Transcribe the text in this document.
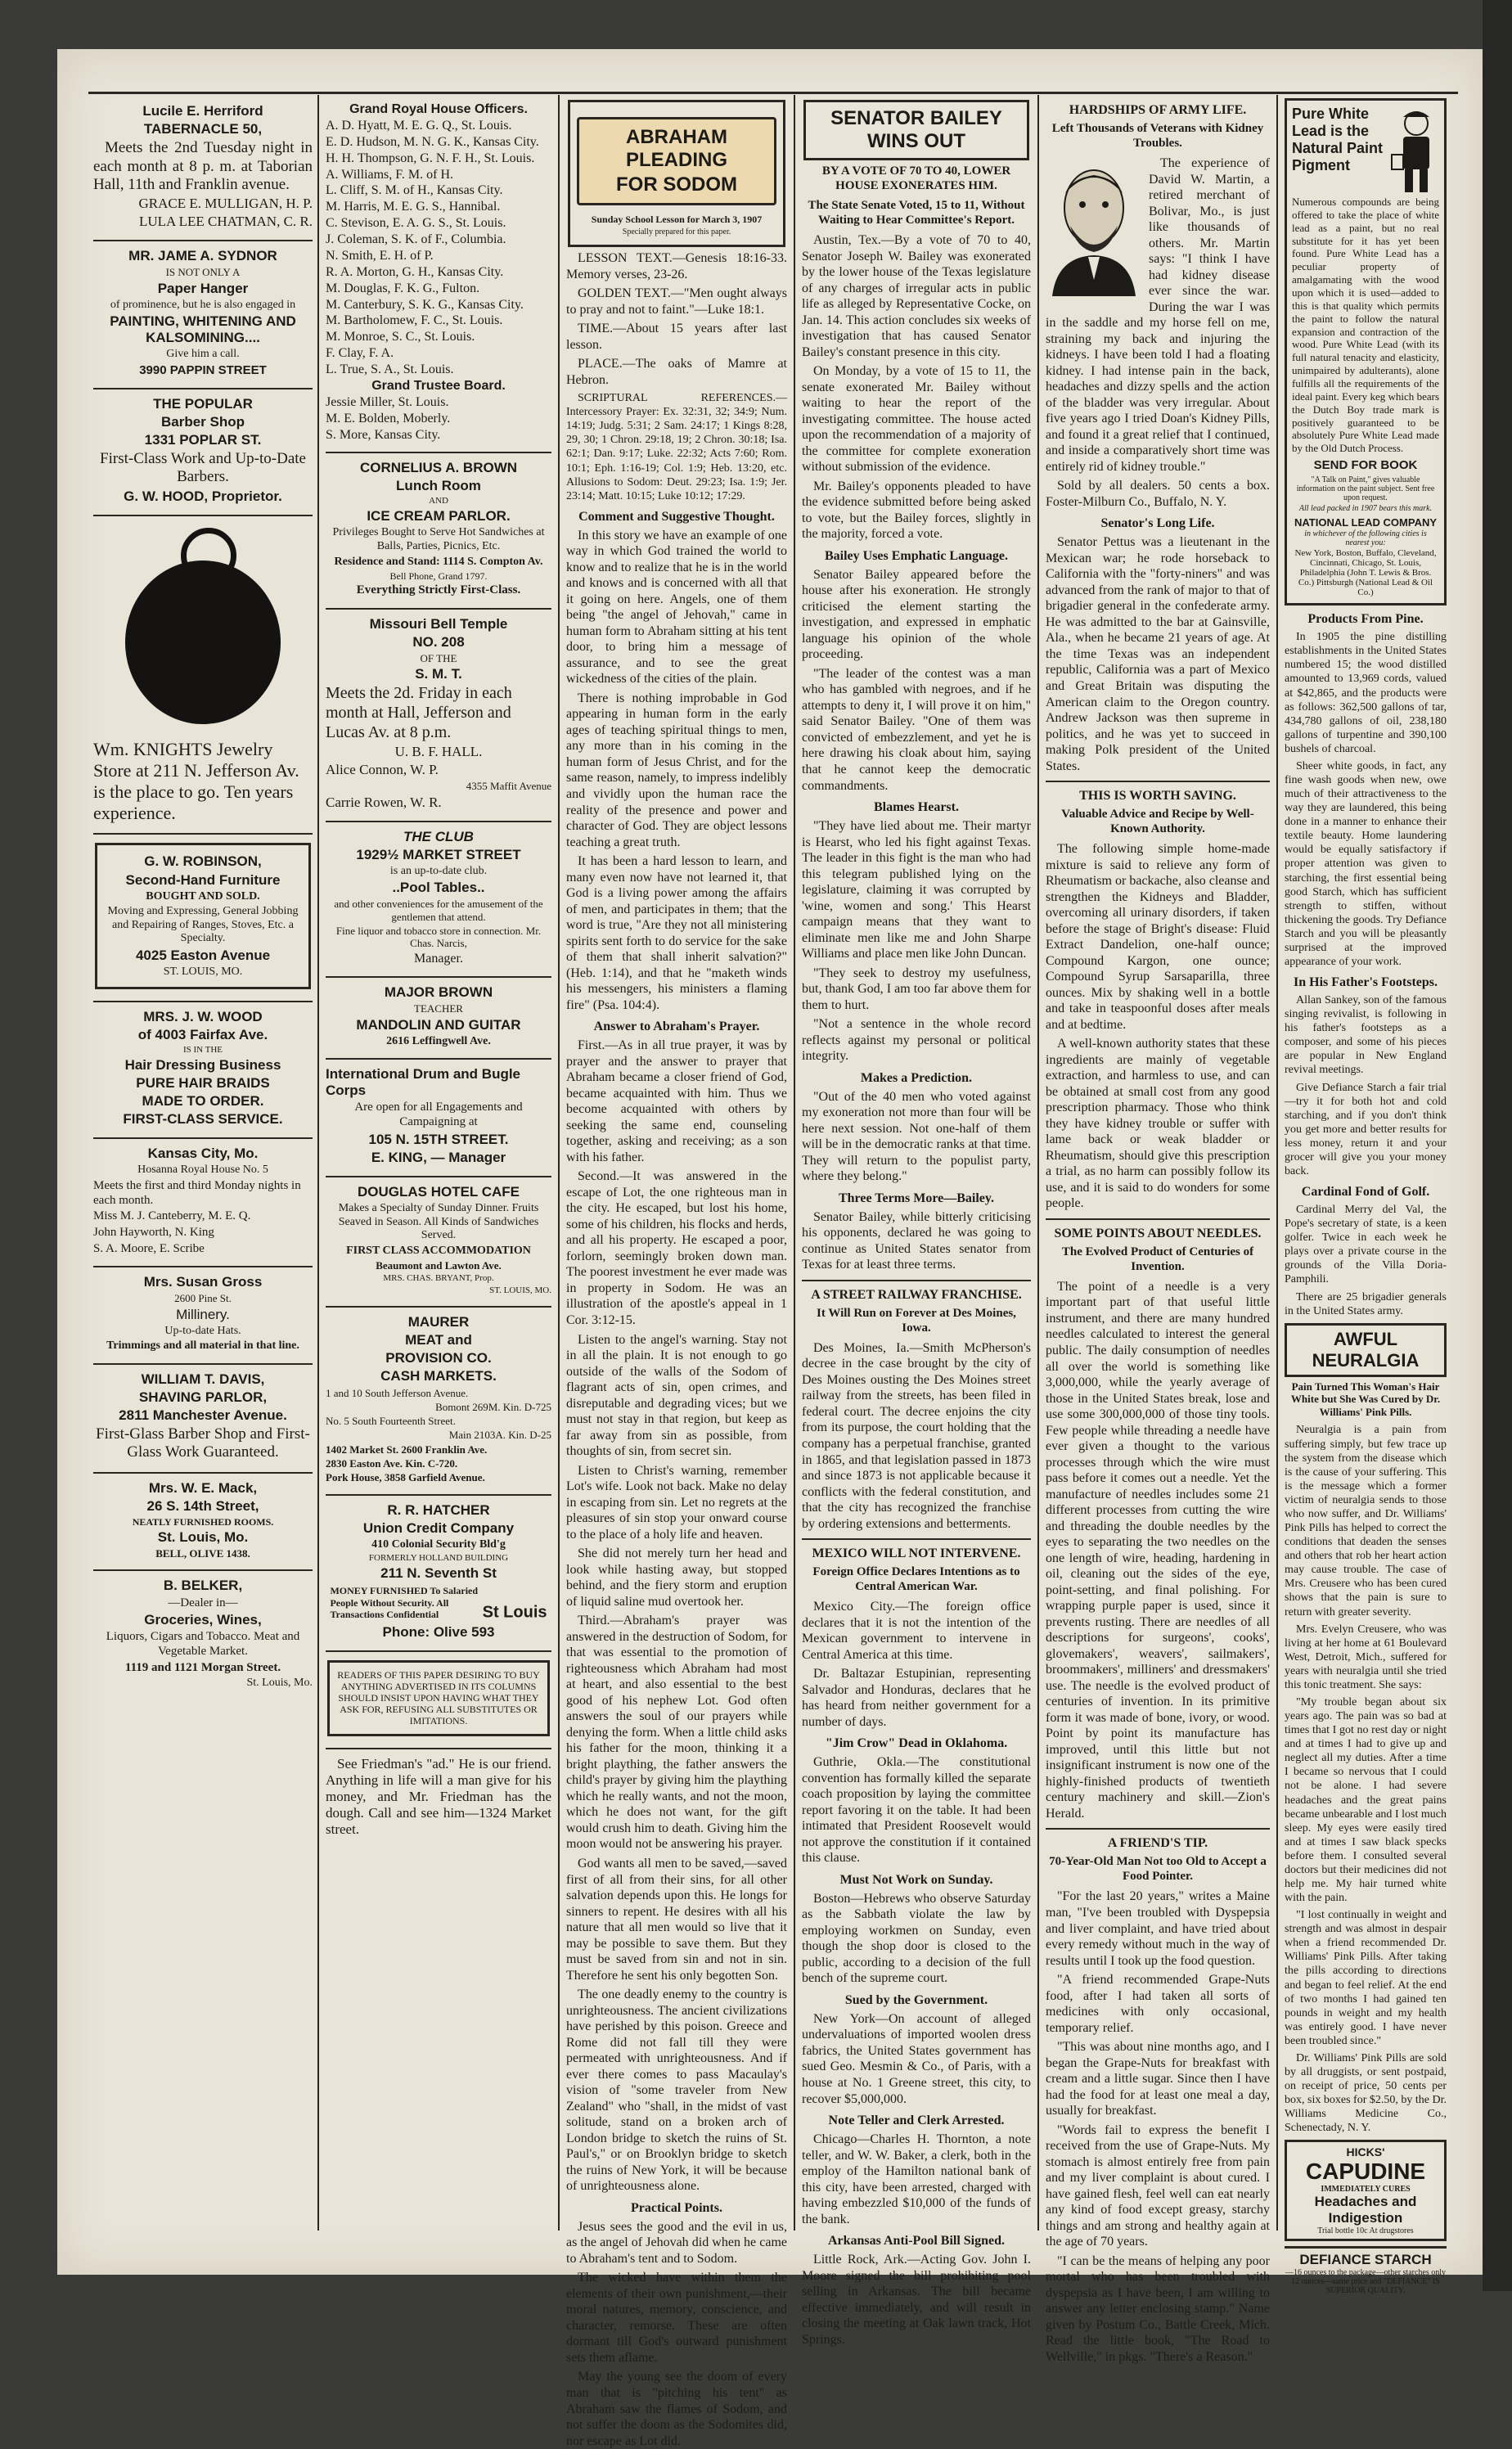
Lucile E. Herriford

TABERNACLE 50,

Meets the 2nd Tuesday night in each month at 8 p. m. at Taborian Hall, 11th and Franklin avenue.

GRACE E. MULLIGAN, H. P.

LULA LEE CHATMAN, C. R.

MR. JAME A. SYDNOR

IS NOT ONLY A

Paper Hanger

of prominence, but he is also engaged in

PAINTING, WHITENING AND KALSOMINING....

Give him a call.

3990 PAPPIN STREET

THE POPULAR

Barber Shop

1331 POPLAR ST.

First-Class Work and Up-to-Date Barbers.

G. W. HOOD, Proprietor.

Wm. KNIGHTS Jewelry Store at 211 N. Jefferson Av. is the place to go. Ten years experience.

G. W. ROBINSON,

Second-Hand Furniture

BOUGHT AND SOLD.

Moving and Expressing, General Jobbing and Repairing of Ranges, Stoves, Etc. a Specialty.

4025 Easton Avenue

ST. LOUIS, MO.

MRS. J. W. WOOD

of 4003 Fairfax Ave.

IS IN THE

Hair Dressing Business

PURE HAIR BRAIDS

MADE TO ORDER.

FIRST-CLASS SERVICE.

Kansas City, Mo.

Hosanna Royal House No. 5

Meets the first and third Monday nights in each month.

Miss M. J. Canteberry, M. E. Q.

John Hayworth, N. King

S. A. Moore, E. Scribe

Mrs. Susan Gross

2600 Pine St.

Millinery.

Up-to-date Hats.

Trimmings and all material in that line.

WILLIAM T. DAVIS,

SHAVING PARLOR,

2811 Manchester Avenue.

First-Glass Barber Shop and First-Glass Work Guaranteed.

Mrs. W. E. Mack,

26 S. 14th Street,

NEATLY FURNISHED ROOMS.

St. Louis, Mo.

BELL, OLIVE 1438.

B. BELKER,

—Dealer in—

Groceries, Wines,

Liquors, Cigars and Tobacco. Meat and Vegetable Market.

1119 and 1121 Morgan Street.

St. Louis, Mo.

Grand Royal House Officers.

A. D. Hyatt, M. E. G. Q., St. Louis.

E. D. Hudson, M. N. G. K., Kansas City.

H. H. Thompson, G. N. F. H., St. Louis.

A. Williams, F. M. of H.

L. Cliff, S. M. of H., Kansas City.

M. Harris, M. E. G. S., Hannibal.

C. Stevison, E. A. G. S., St. Louis.

J. Coleman, S. K. of F., Columbia.

N. Smith, E. H. of P.

R. A. Morton, G. H., Kansas City.

M. Douglas, F. K. G., Fulton.

M. Canterbury, S. K. G., Kansas City.

M. Bartholomew, F. C., St. Louis.

M. Monroe, S. C., St. Louis.

F. Clay, F. A.

L. True, S. A., St. Louis.

Grand Trustee Board.

Jessie Miller, St. Louis.

M. E. Bolden, Moberly.

S. More, Kansas City.

CORNELIUS A. BROWN

Lunch Room

AND

ICE CREAM PARLOR.

Privileges Bought to Serve Hot Sandwiches at Balls, Parties, Picnics, Etc.

Residence and Stand: 1114 S. Compton Av.

Bell Phone, Grand 1797.

Everything Strictly First-Class.

Missouri Bell Temple

NO. 208

OF THE

S. M. T.

Meets the 2d. Friday in each month at Hall, Jefferson and Lucas Av. at 8 p.m.

U. B. F. HALL.

Alice Connon, W. P.

4355 Maffit Avenue

Carrie Rowen, W. R.

THE CLUB

1929½ MARKET STREET

is an up-to-date club.

..Pool Tables..

and other conveniences for the amusement of the gentlemen that attend.

Fine liquor and tobacco store in connection. Mr. Chas. Narcis,

Manager.

MAJOR BROWN

TEACHER

MANDOLIN AND GUITAR

2616 Leffingwell Ave.

International Drum and Bugle Corps

Are open for all Engagements and Campaigning at

105 N. 15TH STREET.

E. KING, — Manager

DOUGLAS HOTEL CAFE

Makes a Specialty of Sunday Dinner. Fruits Seaved in Season. All Kinds of Sandwiches Served.

FIRST CLASS ACCOMMODATION

Beaumont and Lawton Ave.

MRS. CHAS. BRYANT, Prop.

ST. LOUIS, MO.

MAURER

MEAT and

PROVISION CO.

CASH MARKETS.

1 and 10 South Jefferson Avenue.

Bomont 269M. Kin. D-725

No. 5 South Fourteenth Street.

Main 2103A. Kin. D-25

1402 Market St. 2600 Franklin Ave.

2830 Easton Ave. Kin. C-720.

Pork House, 3858 Garfield Avenue.

R. R. HATCHER

Union Credit Company

410 Colonial Security Bld'g

FORMERLY HOLLAND BUILDING

211 N. Seventh St

MONEY FURNISHED To Salaried People Without Security. All Transactions Confidential	St Louis

Phone: Olive 593

READERS OF THIS PAPER DESIRING TO BUY ANYTHING ADVERTISED IN ITS COLUMNS SHOULD INSIST UPON HAVING WHAT THEY ASK FOR, REFUSING ALL SUBSTITUTES OR IMITATIONS.

See Friedman's "ad." He is our friend. Anything in life will a man give for his money, and Mr. Friedman has the dough. Call and see him—1324 Market street.

ABRAHAM PLEADING

FOR SODOM

Sunday School Lesson for March 3, 1907

Specially prepared for this paper.

LESSON TEXT.—Genesis 18:16-33. Memory verses, 23-26.

GOLDEN TEXT.—"Men ought always to pray and not to faint."—Luke 18:1.

TIME.—About 15 years after last lesson.

PLACE.—The oaks of Mamre at Hebron.

SCRIPTURAL REFERENCES.—Intercessory Prayer: Ex. 32:31, 32; 34:9; Num. 14:19; Judg. 5:31; 2 Sam. 24:17; 1 Kings 8:28, 29, 30; 1 Chron. 29:18, 19; 2 Chron. 30:18; Isa. 62:1; Dan. 9:17; Luke. 22:32; Acts 7:60; Rom. 10:1; Eph. 1:16-19; Col. 1:9; Heb. 13:20, etc. Allusions to Sodom: Deut. 29:23; Isa. 1:9; Jer. 23:14; Matt. 10:15; Luke 10:12; 17:29.

Comment and Suggestive Thought.

In this story we have an example of one way in which God trained the world to know and to realize that he is in the world and knows and is concerned with all that it going on here. Angels, one of them being "the angel of Jehovah," came in human form to Abraham sitting at his tent door, to bring him a message of assurance, and to see the great wickedness of the cities of the plain.

There is nothing improbable in God appearing in human form in the early ages of teaching spiritual things to men, any more than in his coming in the human form of Jesus Christ, and for the same reason, namely, to impress indelibly and vividly upon the human race the reality of the presence and power and character of God. They are object lessons teaching a great truth.

It has been a hard lesson to learn, and many even now have not learned it, that God is a living power among the affairs of men, and participates in them; that the word is true, "Are they not all ministering spirits sent forth to do service for the sake of them that shall inherit salvation?" (Heb. 1:14), and that he "maketh winds his messengers, his ministers a flaming fire" (Psa. 104:4).

Answer to Abraham's Prayer.

First.—As in all true prayer, it was by prayer and the answer to prayer that Abraham became a closer friend of God, became acquainted with him. Thus we become acquainted with others by seeking the same end, counseling together, asking and receiving; as a son with his father.

Second.—It was answered in the escape of Lot, the one righteous man in the city. He escaped, but lost his home, some of his children, his flocks and herds, and all his property. He escaped a poor, forlorn, seemingly broken down man. The poorest investment he ever made was in property in Sodom. He was an illustration of the apostle's appeal in 1 Cor. 3:12-15.

Listen to the angel's warning. Stay not in all the plain. It is not enough to go outside of the walls of the Sodom of flagrant acts of sin, open crimes, and disreputable and degrading vices; but we must not stay in that region, but keep as far away from sin as possible, from thoughts of sin, from secret sin.

Listen to Christ's warning, remember Lot's wife. Look not back. Make no delay in escaping from sin. Let no regrets at the pleasures of sin stop your onward course to the place of a holy life and heaven.

She did not merely turn her head and look while hasting away, but stopped behind, and the fiery storm and eruption of liquid saline mud overtook her.

Third.—Abraham's prayer was answered in the destruction of Sodom, for that was essential to the promotion of righteousness which Abraham had most at heart, and also essential to the best good of his nephew Lot. God often answers the soul of our prayers while denying the form. When a little child asks his father for the moon, thinking it a bright plaything, the father answers the child's prayer by giving him the plaything which he really wants, and not the moon, which he does not want, for the gift would crush him to death. Giving him the moon would not be answering his prayer.

God wants all men to be saved,—saved first of all from their sins, for all other salvation depends upon this. He longs for sinners to repent. He desires with all his nature that all men would so live that it may be possible to save them. But they must be saved from sin and not in sin. Therefore he sent his only begotten Son.

The one deadly enemy to the country is unrighteousness. The ancient civilizations have perished by this poison. Greece and Rome did not fall till they were permeated with unrighteousness. And if ever there comes to pass Macaulay's vision of "some traveler from New Zealand" who "shall, in the midst of vast solitude, stand on a broken arch of London bridge to sketch the ruins of St. Paul's," or on Brooklyn bridge to sketch the ruins of New York, it will be because of unrighteousness alone.

Practical Points.

Jesus sees the good and the evil in us, as the angel of Jehovah did when he came to Abraham's tent and to Sodom.

The wicked have within them the elements of their own punishment,—their moral natures, memory, conscience, and character, remorse. These are often dormant till God's outward punishment sets them aflame.

May the young see the doom of every man that is "pitching his tent" as Abraham saw the flames of Sodom, and not suffer the doom as the Sodomites did, nor escape as Lot did.

SENATOR BAILEY WINS OUT

BY A VOTE OF 70 TO 40, LOWER HOUSE EXONERATES HIM.

The State Senate Voted, 15 to 11, Without Waiting to Hear Committee's Report.

Austin, Tex.—By a vote of 70 to 40, Senator Joseph W. Bailey was exonerated by the lower house of the Texas legislature of any charges of irregular acts in public life as alleged by Representative Cocke, on Jan. 14. This action concludes six weeks of investigation that has caused Senator Bailey's constant presence in this city.

On Monday, by a vote of 15 to 11, the senate exonerated Mr. Bailey without waiting to hear the report of the investigating committee. The house acted upon the recommendation of a majority of the committee for complete exoneration without submission of the evidence.

Mr. Bailey's opponents pleaded to have the evidence submitted before being asked to vote, but the Bailey forces, slightly in the majority, forced a vote.

Bailey Uses Emphatic Language.

Senator Bailey appeared before the house after his exoneration. He strongly criticised the element starting the investigation, and expressed in emphatic language his opinion of the whole proceeding.

"The leader of the contest was a man who has gambled with negroes, and if he attempts to deny it, I will prove it on him," said Senator Bailey. "One of them was convicted of embezzlement, and yet he is here drawing his cloak about him, saying that he cannot keep the democratic commandments.

Blames Hearst.

"They have lied about me. Their martyr is Hearst, who led his fight against Texas. The leader in this fight is the man who had this telegram published lying on the legislature, claiming it was corrupted by 'wine, women and song.' This Hearst campaign means that they want to eliminate men like me and John Sharpe Williams and place men like John Duncan.

"They seek to destroy my usefulness, but, thank God, I am too far above them for them to hurt.

"Not a sentence in the whole record reflects against my personal or political integrity.

Makes a Prediction.

"Out of the 40 men who voted against my exoneration not more than four will be here next session. Not one-half of them will be in the democratic ranks at that time. They will return to the populist party, where they belong."

Three Terms More—Bailey.

Senator Bailey, while bitterly criticising his opponents, declared he was going to continue as United States senator from Texas for at least three terms.

A STREET RAILWAY FRANCHISE.

It Will Run on Forever at Des Moines, Iowa.

Des Moines, Ia.—Smith McPherson's decree in the case brought by the city of Des Moines ousting the Des Moines street railway from the streets, has been filed in federal court. The decree enjoins the city from its purpose, the court holding that the company has a perpetual franchise, granted in 1865, and that legislation passed in 1873 and since 1873 is not applicable because it conflicts with the federal constitution, and that the city has recognized the franchise by ordering extensions and betterments.

MEXICO WILL NOT INTERVENE.

Foreign Office Declares Intentions as to Central American War.

Mexico City.—The foreign office declares that it is not the intention of the Mexican government to intervene in Central America at this time.

Dr. Baltazar Estupinian, representing Salvador and Honduras, declares that he has heard from neither government for a number of days.

"Jim Crow" Dead in Oklahoma.

Guthrie, Okla.—The constitutional convention has formally killed the separate coach proposition by laying the committee report favoring it on the table. It had been intimated that President Roosevelt would not approve the constitution if it contained this clause.

Must Not Work on Sunday.

Boston—Hebrews who observe Saturday as the Sabbath violate the law by employing workmen on Sunday, even though the shop door is closed to the public, according to a decision of the full bench of the supreme court.

Sued by the Government.

New York—On account of alleged undervaluations of imported woolen dress fabrics, the United States government has sued Geo. Mesmin & Co., of Paris, with a house at No. 1 Greene street, this city, to recover $5,000,000.

Note Teller and Clerk Arrested.

Chicago—Charles H. Thornton, a note teller, and W. W. Baker, a clerk, both in the employ of the Hamilton national bank of this city, have been arrested, charged with having embezzled $10,000 of the funds of the bank.

Arkansas Anti-Pool Bill Signed.

Little Rock, Ark.—Acting Gov. John I. Moore signed the bill prohibiting pool selling in Arkansas. The bill became effective immediately, and will result in closing the meeting at Oak lawn track, Hot Springs.

HARDSHIPS OF ARMY LIFE.

Left Thousands of Veterans with Kidney Troubles.

The experience of David W. Martin, a retired merchant of Bolivar, Mo., is just like thousands of others. Mr. Martin says: "I think I have had kidney disease ever since the war. During the war I was in the saddle and my horse fell on me, straining my back and injuring the kidneys. I have been told I had a floating kidney. I had intense pain in the back, headaches and dizzy spells and the action of the bladder was very irregular. About five years ago I tried Doan's Kidney Pills, and found it a great relief that I continued, and inside a comparatively short time was entirely rid of kidney trouble."

Sold by all dealers. 50 cents a box. Foster-Milburn Co., Buffalo, N. Y.

Senator's Long Life.

Senator Pettus was a lieutenant in the Mexican war; he rode horseback to California with the "forty-niners" and was advanced from the rank of major to that of brigadier general in the confederate army. He was admitted to the bar at Gainsville, Ala., when he became 21 years of age. At the time Texas was an independent republic, California was a part of Mexico and Great Britain was disputing the American claim to the Oregon country. Andrew Jackson was then supreme in politics, and he was yet to succeed in making Polk president of the United States.

THIS IS WORTH SAVING.

Valuable Advice and Recipe by Well-Known Authority.

The following simple home-made mixture is said to relieve any form of Rheumatism or backache, also cleanse and strengthen the Kidneys and Bladder, overcoming all urinary disorders, if taken before the stage of Bright's disease: Fluid Extract Dandelion, one-half ounce; Compound Kargon, one ounce; Compound Syrup Sarsaparilla, three ounces. Mix by shaking well in a bottle and take in teaspoonful doses after meals and at bedtime.

A well-known authority states that these ingredients are mainly of vegetable extraction, and harmless to use, and can be obtained at small cost from any good prescription pharmacy. Those who think they have kidney trouble or suffer with lame back or weak bladder or Rheumatism, should give this prescription a trial, as no harm can possibly follow its use, and it is said to do wonders for some people.

SOME POINTS ABOUT NEEDLES.

The Evolved Product of Centuries of Invention.

The point of a needle is a very important part of that useful little instrument, and there are many hundred needles calculated to interest the general public. The daily consumption of needles all over the world is something like 3,000,000, while the yearly average of those in the United States break, lose and use some 300,000,000 of those tiny tools. Few people while threading a needle have ever given a thought to the various processes through which the wire must pass before it comes out a needle. Yet the manufacture of needles includes some 21 different processes from cutting the wire and threading the double needles by the eyes to separating the two needles on the one length of wire, heading, hardening in oil, cleaning out the sides of the eye, point-setting, and final polishing. For wrapping purple paper is used, since it prevents rusting. There are needles of all descriptions for surgeons', cooks', glovemakers', weavers', sailmakers', broommakers', milliners' and dressmakers' use. The needle is the evolved product of centuries of invention. In its primitive form it was made of bone, ivory, or wood. Point by point its manufacture has improved, until this little but not insignificant instrument is now one of the highly-finished products of twentieth century machinery and skill.—Zion's Herald.

A FRIEND'S TIP.

70-Year-Old Man Not too Old to Accept a Food Pointer.

"For the last 20 years," writes a Maine man, "I've been troubled with Dyspepsia and liver complaint, and have tried about every remedy without much in the way of results until I took up the food question.

"A friend recommended Grape-Nuts food, after I had taken all sorts of medicines with only occasional, temporary relief.

"This was about nine months ago, and I began the Grape-Nuts for breakfast with cream and a little sugar. Since then I have had the food for at least one meal a day, usually for breakfast.

"Words fail to express the benefit I received from the use of Grape-Nuts. My stomach is almost entirely free from pain and my liver complaint is about cured. I have gained flesh, feel well can eat nearly any kind of food except greasy, starchy things and am strong and healthy again at the age of 70 years.

"I can be the means of helping any poor mortal who has been troubled with dyspepsia as I have been, I am willing to answer any letter enclosing stamp." Name given by Postum Co., Battle Creek, Mich. Read the little book, "The Road to Wellville," in pkgs. "There's a Reason."

Pure White Lead is the Natural Paint Pigment

Numerous compounds are being offered to take the place of white lead as a paint, but no real substitute for it has yet been found. Pure White Lead has a peculiar property of amalgamating with the wood upon which it is used—added to this is that quality which permits the paint to follow the natural expansion and contraction of the wood. Pure White Lead (with its full natural tenacity and elasticity, unimpaired by adulterants), alone fulfills all the requirements of the ideal paint. Every keg which bears the Dutch Boy trade mark is positively guaranteed to be absolutely Pure White Lead made by the Old Dutch Process.

SEND FOR BOOK

"A Talk on Paint," gives valuable information on the paint subject. Sent free upon request.

All lead packed in 1907 bears this mark.

NATIONAL LEAD COMPANY

in whichever of the following cities is nearest you:

New York, Boston, Buffalo, Cleveland, Cincinnati, Chicago, St. Louis, Philadelphia (John T. Lewis & Bros. Co.) Pittsburgh (National Lead & Oil Co.)

Products From Pine.

In 1905 the pine distilling establishments in the United States numbered 15; the wood distilled amounted to 13,969 cords, valued at $42,865, and the products were as follows: 362,500 gallons of tar, 434,780 gallons of oil, 238,180 gallons of turpentine and 390,100 bushels of charcoal.

Sheer white goods, in fact, any fine wash goods when new, owe much of their attractiveness to the way they are laundered, this being done in a manner to enhance their textile beauty. Home laundering would be equally satisfactory if proper attention was given to starching, the first essential being good Starch, which has sufficient strength to stiffen, without thickening the goods. Try Defiance Starch and you will be pleasantly surprised at the improved appearance of your work.

In His Father's Footsteps.

Allan Sankey, son of the famous singing revivalist, is following in his father's footsteps as a composer, and some of his pieces are popular in New England revival meetings.

Give Defiance Starch a fair trial—try it for both hot and cold starching, and if you don't think you get more and better results for less money, return it and your grocer will give you your money back.

Cardinal Fond of Golf.

Cardinal Merry del Val, the Pope's secretary of state, is a keen golfer. Twice in each week he plays over a private course in the grounds of the Villa Doria-Pamphili.

There are 25 brigadier generals in the United States army.

AWFUL NEURALGIA

Pain Turned This Woman's Hair White but She Was Cured by Dr. Williams' Pink Pills.

Neuralgia is a pain from suffering simply, but few trace up the system from the disease which is the cause of your suffering. This is the message which a former victim of neuralgia sends to those who now suffer, and Dr. Williams' Pink Pills has helped to correct the conditions that deaden the senses and others that rob her heart action may cause trouble. The case of Mrs. Creusere who has been cured shows that the pain is sure to return with greater severity.

Mrs. Evelyn Creusere, who was living at her home at 61 Boulevard West, Detroit, Mich., suffered for years with neuralgia until she tried this tonic treatment. She says:

"My trouble began about six years ago. The pain was so bad at times that I got no rest day or night and at times I had to give up and neglect all my duties. After a time I became so nervous that I could not be alone. I had severe headaches and the great pains became unbearable and I lost much sleep. My eyes were easily tired and at times I saw black specks before them. I consulted several doctors but their medicines did not help me. My hair turned white with the pain.

"I lost continually in weight and strength and was almost in despair when a friend recommended Dr. Williams' Pink Pills. After taking the pills according to directions and began to feel relief. At the end of two months I had gained ten pounds in weight and my health was entirely good. I have never been troubled since."

Dr. Williams' Pink Pills are sold by all druggists, or sent postpaid, on receipt of price, 50 cents per box, six boxes for $2.50, by the Dr. Williams Medicine Co., Schenectady, N. Y.

HICKS'

CAPUDINE

IMMEDIATELY CURES

Headaches and

Indigestion

Trial bottle 10c At drugstores

DEFIANCE STARCH

—16 ounces to the package—other starches only 12 ounces—same price and "DEFIANCE" IS SUPERIOR QUALITY.
